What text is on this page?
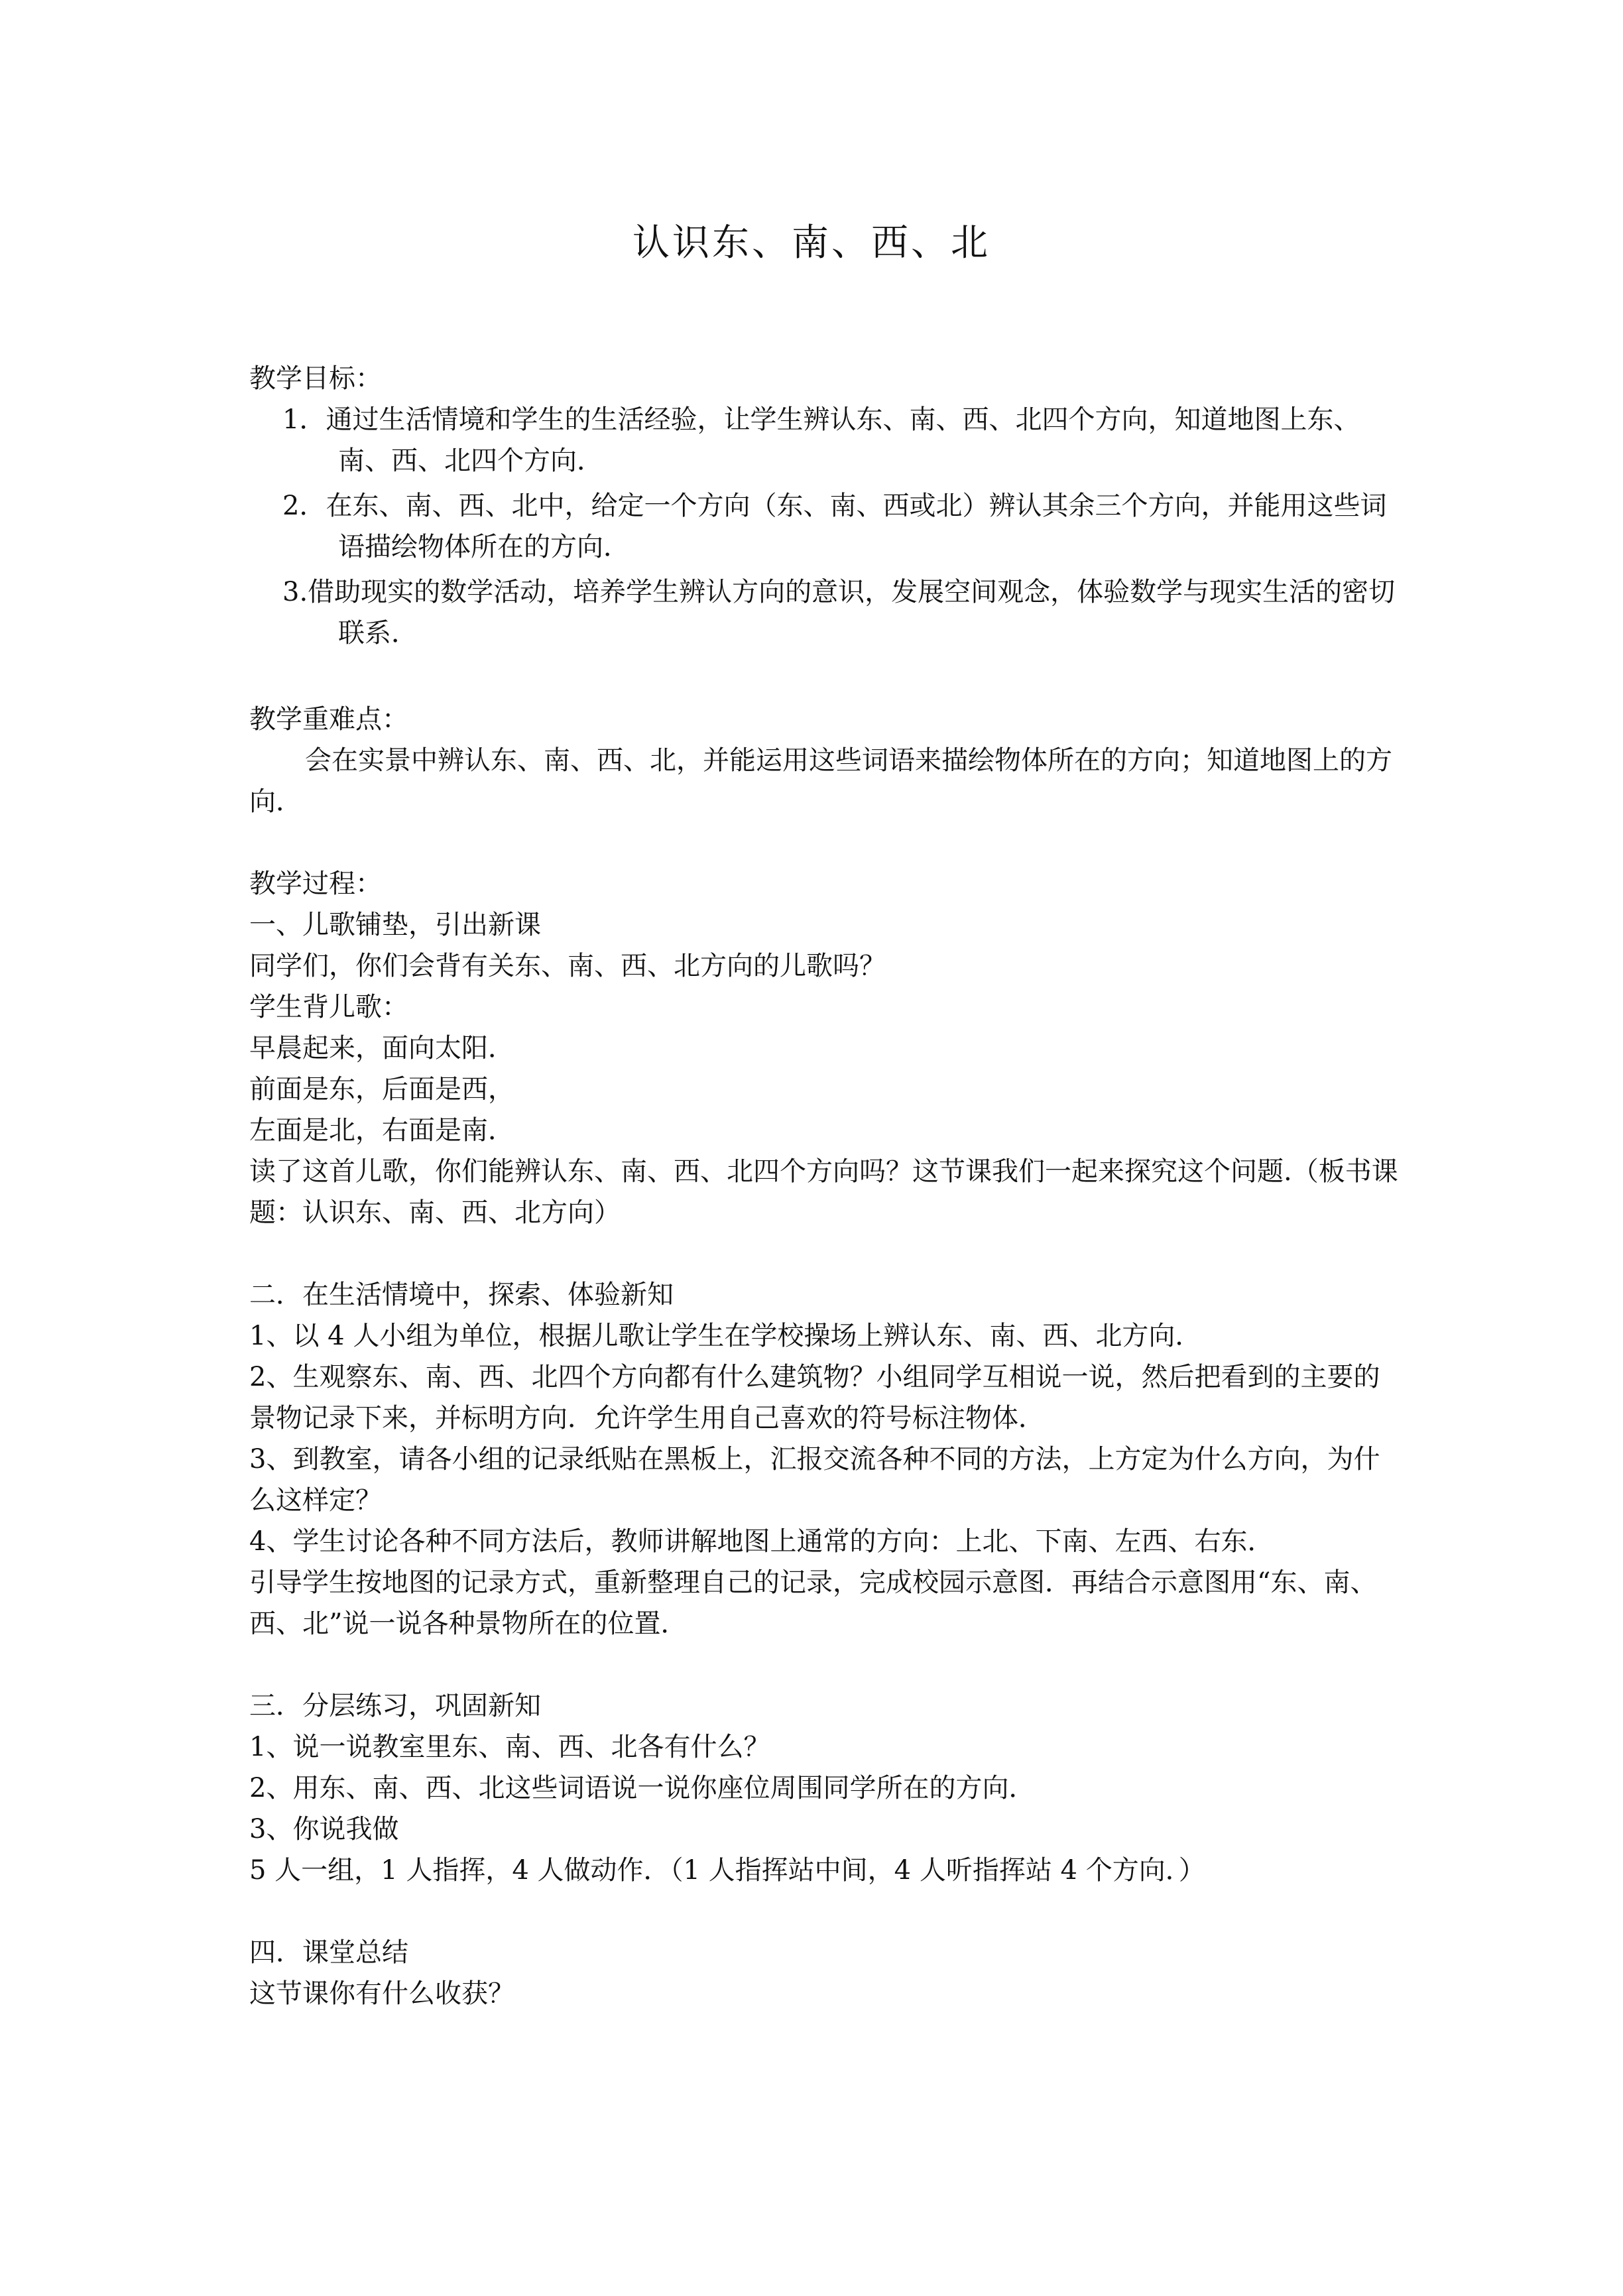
认识东、南、西、北

教学目标：

1．通过生活情境和学生的生活经验，让学生辨认东、南、西、北四个方向，知道地图上东、南、西、北四个方向．

2．在东、南、西、北中，给定一个方向（东、南、西或北）辨认其余三个方向，并能用这些词语描绘物体所在的方向．

3.借助现实的数学活动，培养学生辨认方向的意识，发展空间观念，体验数学与现实生活的密切联系．

教学重难点：

会在实景中辨认东、南、西、北，并能运用这些词语来描绘物体所在的方向；知道地图上的方向．

教学过程：

一、儿歌铺垫，引出新课

同学们，你们会背有关东、南、西、北方向的儿歌吗？

学生背儿歌：

早晨起来，面向太阳．

前面是东，后面是西，

左面是北，右面是南．

读了这首儿歌，你们能辨认东、南、西、北四个方向吗？这节课我们一起来探究这个问题.（板书课题：认识东、南、西、北方向）

二．在生活情境中，探索、体验新知

1、以 4 人小组为单位，根据儿歌让学生在学校操场上辨认东、南、西、北方向．

2、生观察东、南、西、北四个方向都有什么建筑物？小组同学互相说一说，然后把看到的主要的景物记录下来，并标明方向．允许学生用自己喜欢的符号标注物体．

3、到教室，请各小组的记录纸贴在黑板上，汇报交流各种不同的方法，上方定为什么方向，为什么这样定？

4、学生讨论各种不同方法后，教师讲解地图上通常的方向：上北、下南、左西、右东．

引导学生按地图的记录方式，重新整理自己的记录，完成校园示意图．再结合示意图用“东、南、西、北”说一说各种景物所在的位置．

三．分层练习，巩固新知

1、说一说教室里东、南、西、北各有什么？

2、用东、南、西、北这些词语说一说你座位周围同学所在的方向．

3、你说我做

5 人一组，1 人指挥，4 人做动作．（1 人指挥站中间，4 人听指挥站 4 个方向．）

四．课堂总结

这节课你有什么收获？
